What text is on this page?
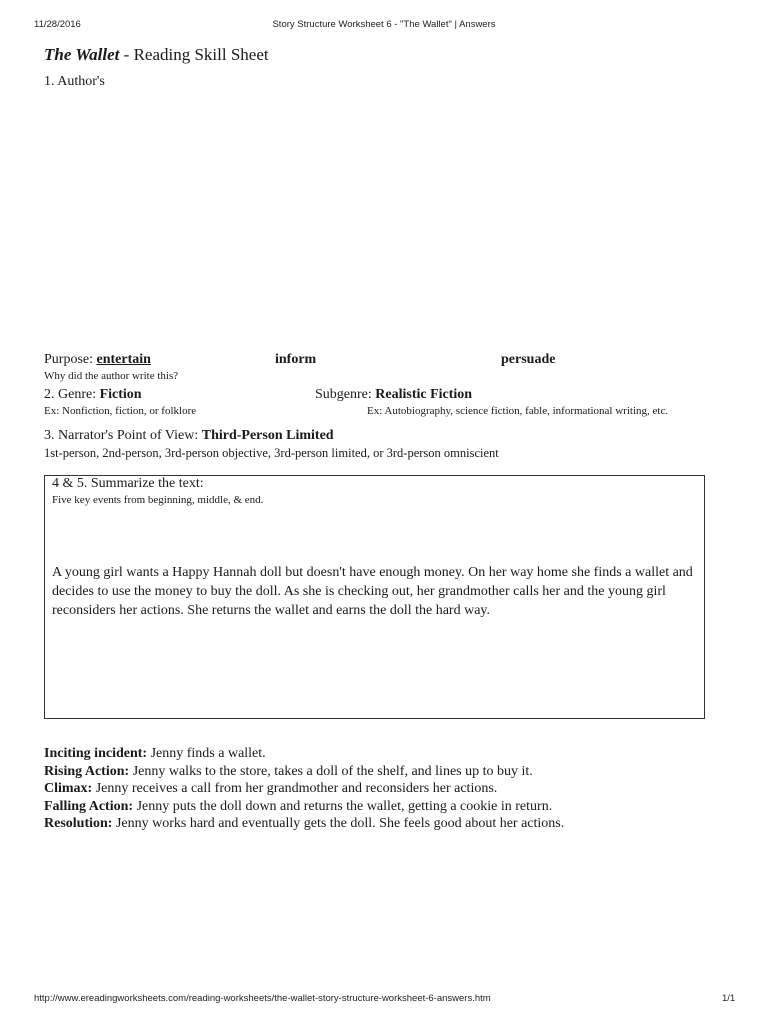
11/28/2016	Story Structure Worksheet 6 - "The Wallet" | Answers
The Wallet - Reading Skill Sheet
1. Author's
Purpose: entertain	inform	persuade
Why did the author write this?
2. Genre: Fiction	Subgenre: Realistic Fiction
Ex: Nonfiction, fiction, or folklore	Ex: Autobiography, science fiction, fable, informational writing, etc.
3. Narrator's Point of View: Third-Person Limited
1st-person, 2nd-person, 3rd-person objective, 3rd-person limited, or 3rd-person omniscient
4 & 5. Summarize the text:
Five key events from beginning, middle, & end.
A young girl wants a Happy Hannah doll but doesn't have enough money. On her way home she finds a wallet and decides to use the money to buy the doll. As she is checking out, her grandmother calls her and the young girl reconsiders her actions. She returns the wallet and earns the doll the hard way.
Inciting incident: Jenny finds a wallet.
Rising Action: Jenny walks to the store, takes a doll of the shelf, and lines up to buy it.
Climax: Jenny receives a call from her grandmother and reconsiders her actions.
Falling Action: Jenny puts the doll down and returns the wallet, getting a cookie in return.
Resolution: Jenny works hard and eventually gets the doll. She feels good about her actions.
http://www.ereadingworksheets.com/reading-worksheets/the-wallet-story-structure-worksheet-6-answers.htm	1/1
